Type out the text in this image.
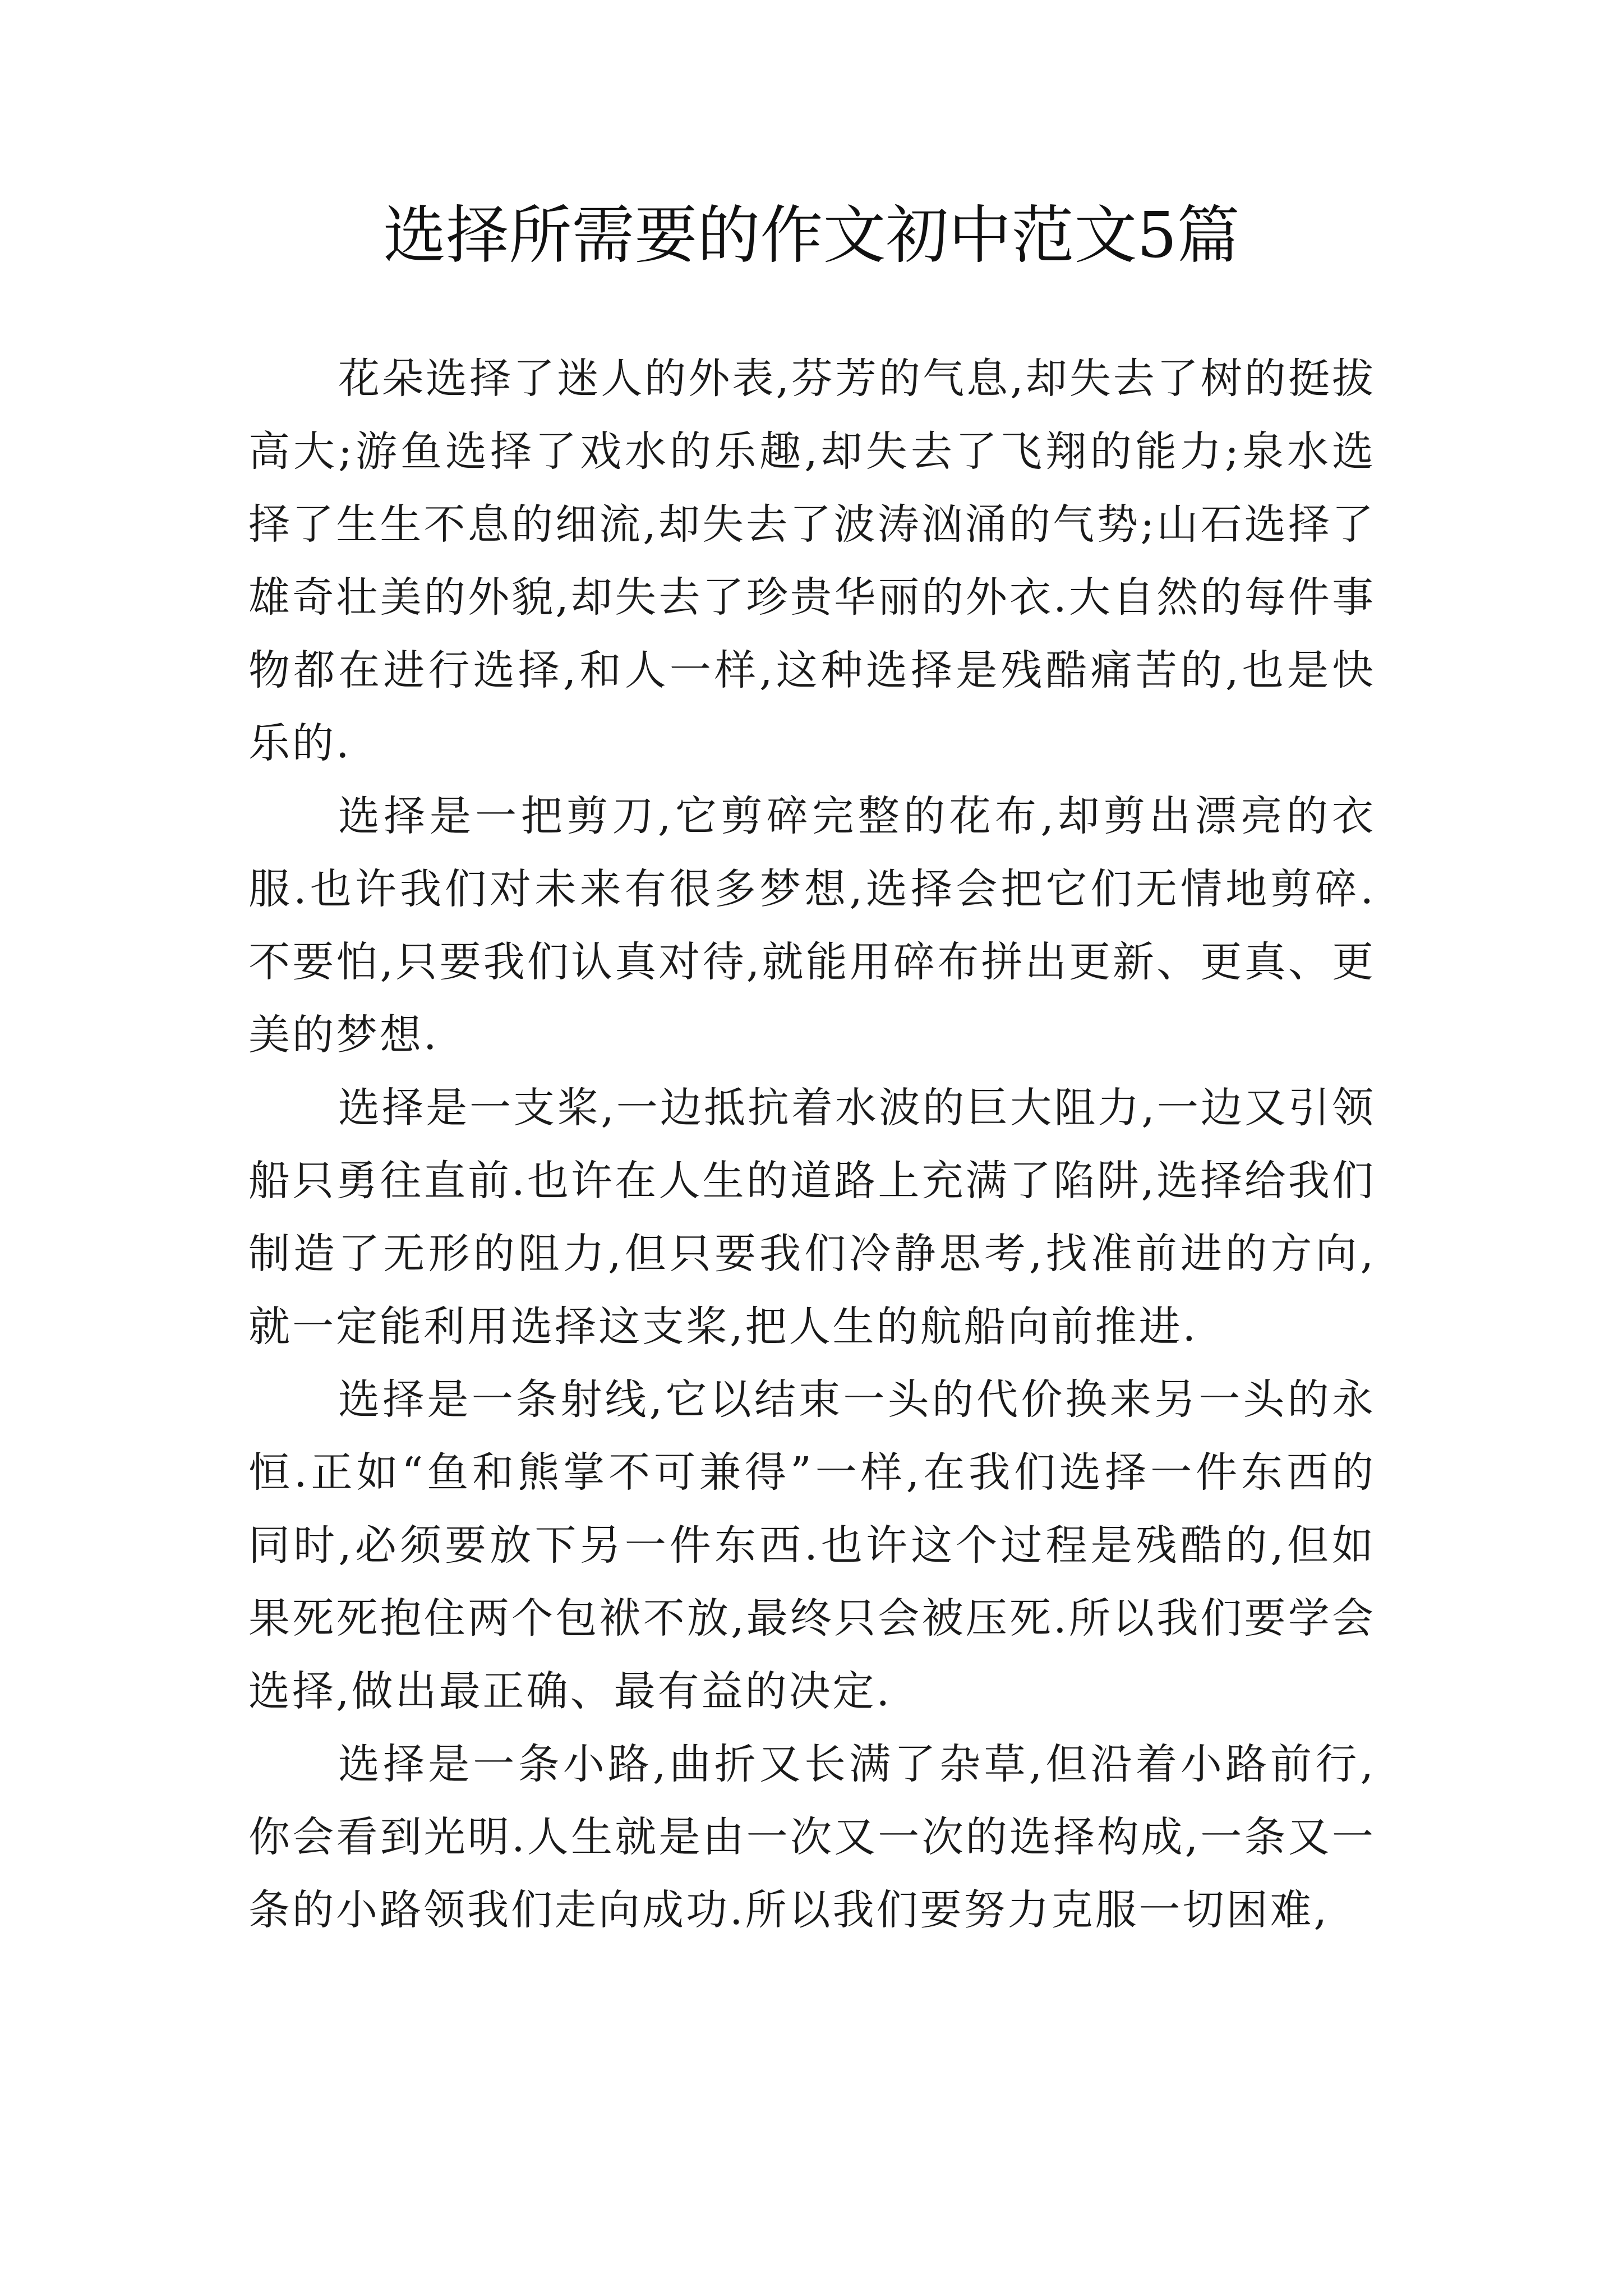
选择所需要的作文初中范文5篇

花朵选择了迷人的外表,芬芳的气息,却失去了树的挺拔高大;游鱼选择了戏水的乐趣,却失去了飞翔的能力;泉水选择了生生不息的细流,却失去了波涛汹涌的气势;山石选择了雄奇壮美的外貌,却失去了珍贵华丽的外衣.大自然的每件事物都在进行选择,和人一样,这种选择是残酷痛苦的,也是快乐的.

选择是一把剪刀,它剪碎完整的花布,却剪出漂亮的衣服.也许我们对未来有很多梦想,选择会把它们无情地剪碎.不要怕,只要我们认真对待,就能用碎布拼出更新、更真、更美的梦想.

选择是一支桨,一边抵抗着水波的巨大阻力,一边又引领船只勇往直前.也许在人生的道路上充满了陷阱,选择给我们制造了无形的阻力,但只要我们冷静思考,找准前进的方向,就一定能利用选择这支桨,把人生的航船向前推进.

选择是一条射线,它以结束一头的代价换来另一头的永恒.正如“鱼和熊掌不可兼得”一样,在我们选择一件东西的同时,必须要放下另一件东西.也许这个过程是残酷的,但如果死死抱住两个包袱不放,最终只会被压死.所以我们要学会选择,做出最正确、最有益的决定.

选择是一条小路,曲折又长满了杂草,但沿着小路前行,你会看到光明.人生就是由一次又一次的选择构成,一条又一条的小路领我们走向成功.所以我们要努力克服一切困难,
